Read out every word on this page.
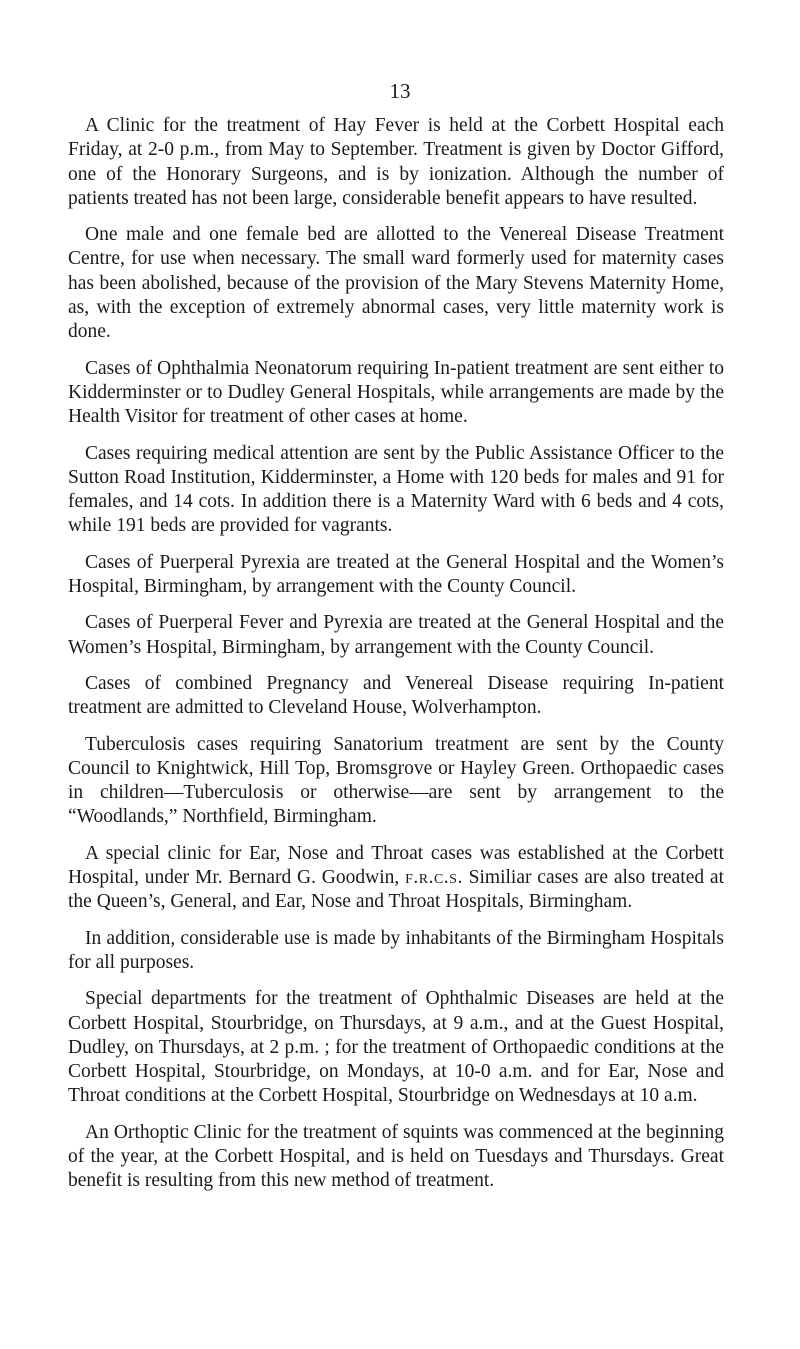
13

A Clinic for the treatment of Hay Fever is held at the Corbett Hospital each Friday, at 2-0 p.m., from May to September. Treatment is given by Doctor Gifford, one of the Honorary Surgeons, and is by ionization. Although the number of patients treated has not been large, considerable benefit appears to have resulted.

One male and one female bed are allotted to the Venereal Disease Treatment Centre, for use when necessary. The small ward formerly used for maternity cases has been abolished, because of the provision of the Mary Stevens Maternity Home, as, with the exception of extremely abnormal cases, very little maternity work is done.

Cases of Ophthalmia Neonatorum requiring In-patient treatment are sent either to Kidderminster or to Dudley General Hospitals, while arrangements are made by the Health Visitor for treatment of other cases at home.

Cases requiring medical attention are sent by the Public Assistance Officer to the Sutton Road Institution, Kidderminster, a Home with 120 beds for males and 91 for females, and 14 cots. In addition there is a Maternity Ward with 6 beds and 4 cots, while 191 beds are provided for vagrants.

Cases of Puerperal Pyrexia are treated at the General Hospital and the Women’s Hospital, Birmingham, by arrangement with the County Council.

Cases of Puerperal Fever and Pyrexia are treated at the General Hospital and the Women’s Hospital, Birmingham, by arrangement with the County Council.

Cases of combined Pregnancy and Venereal Disease requiring In-patient treatment are admitted to Cleveland House, Wolverhampton.

Tuberculosis cases requiring Sanatorium treatment are sent by the County Council to Knightwick, Hill Top, Bromsgrove or Hayley Green. Orthopaedic cases in children—Tuberculosis or otherwise—are sent by arrangement to the “Woodlands,” Northfield, Birmingham.

A special clinic for Ear, Nose and Throat cases was established at the Corbett Hospital, under Mr. Bernard G. Goodwin, f.r.c.s. Similiar cases are also treated at the Queen’s, General, and Ear, Nose and Throat Hospitals, Birmingham.

In addition, considerable use is made by inhabitants of the Birmingham Hospitals for all purposes.

Special departments for the treatment of Ophthalmic Diseases are held at the Corbett Hospital, Stourbridge, on Thursdays, at 9 a.m., and at the Guest Hospital, Dudley, on Thursdays, at 2 p.m. ; for the treatment of Orthopaedic conditions at the Corbett Hospital, Stourbridge, on Mondays, at 10-0 a.m. and for Ear, Nose and Throat conditions at the Corbett Hospital, Stourbridge on Wednesdays at 10 a.m.

An Orthoptic Clinic for the treatment of squints was commenced at the beginning of the year, at the Corbett Hospital, and is held on Tuesdays and Thursdays. Great benefit is resulting from this new method of treatment.
